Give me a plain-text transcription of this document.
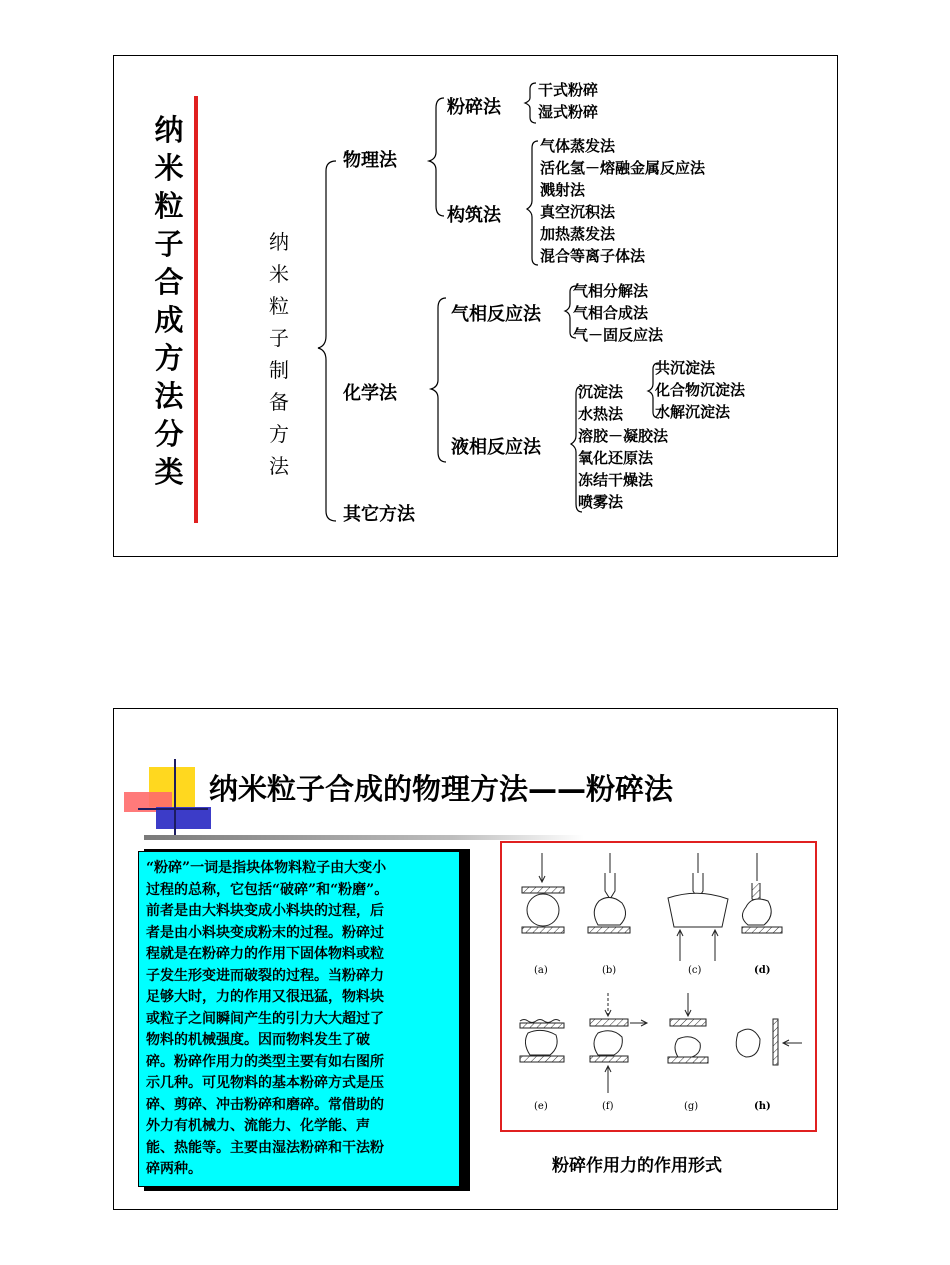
纳米粒子合成方法分类
纳米粒子制备方法
物理法
化学法
其它方法
粉碎法
构筑法
气相反应法
液相反应法
干式粉碎
湿式粉碎
气体蒸发法
活化氢－熔融金属反应法
溅射法
真空沉积法
加热蒸发法
混合等离子体法
气相分解法
气相合成法
气－固反应法
沉淀法
共沉淀法
化合物沉淀法
水解沉淀法
水热法
溶胶－凝胶法
氧化还原法
冻结干燥法
喷雾法
纳米粒子合成的物理方法——粉碎法
“粉碎”一词是指块体物料粒子由大变小
过程的总称，它包括“破碎”和“粉磨”。
前者是由大料块变成小料块的过程，后
者是由小料块变成粉末的过程。粉碎过
程就是在粉碎力的作用下固体物料或粒
子发生形变进而破裂的过程。当粉碎力
足够大时，力的作用又很迅猛，物料块
或粒子之间瞬间产生的引力大大超过了
物料的机械强度。因而物料发生了破
碎。粉碎作用力的类型主要有如右图所
示几种。可见物料的基本粉碎方式是压
碎、剪碎、冲击粉碎和磨碎。常借助的
外力有机械力、流能力、化学能、声
能、热能等。主要由湿法粉碎和干法粉
碎两种。
(a)	(b)	(c)	(d)
(e)	(f)	(g)	(h)
粉碎作用力的作用形式
